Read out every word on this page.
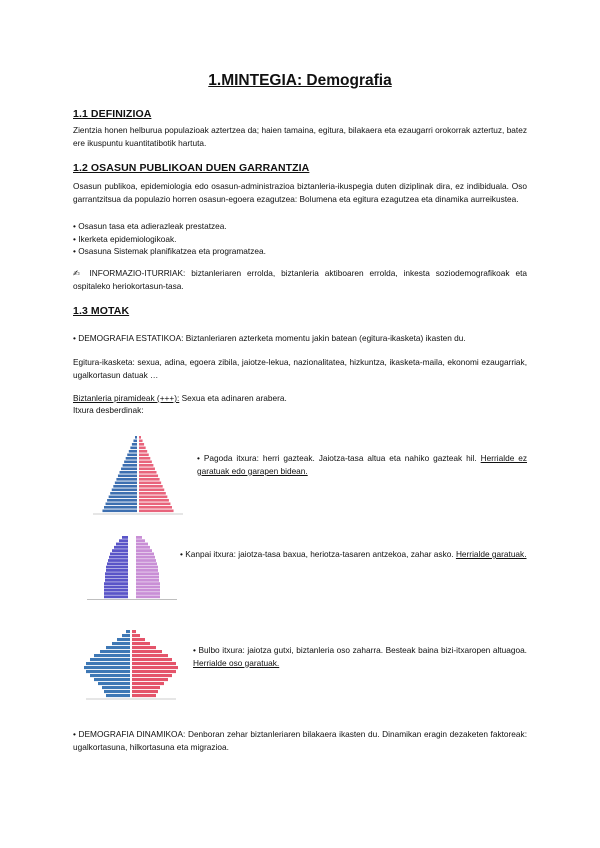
1.MINTEGIA: Demografia
1.1 DEFINIZIOA
Zientzia honen helburua populazioak aztertzea da; haien tamaina, egitura, bilakaera eta ezaugarri orokorrak aztertuz, batez ere ikuspuntu kuantitatibotik hartuta.
1.2 OSASUN PUBLIKOAN DUEN GARRANTZIA
Osasun publikoa, epidemiologia edo osasun-administrazioa biztanleria-ikuspegia duten diziplinak dira, ez indibiduala. Oso garrantzitsua da populazio horren osasun-egoera ezagutzea: Bolumena eta egitura ezagutzea eta dinamika aurreikustea.
• Osasun tasa eta adierazleak prestatzea.
• Ikerketa epidemiologikoak.
• Osasuna Sistemak planifikatzea eta programatzea.
✍ INFORMAZIO-ITURRIAK: biztanleriaren errolda, biztanleria aktiboaren errolda, inkesta soziodemografikoak eta ospitaleko heriokortasun-tasa.
1.3 MOTAK
• DEMOGRAFIA ESTATIKOA: Biztanleriaren azterketa momentu jakin batean (egitura-ikasketa) ikasten du.
Egitura-ikasketa: sexua, adina, egoera zibila, jaiotze-lekua, nazionalitatea, hizkuntza, ikasketa-maila, ekonomi ezaugarriak, ugalkortasun datuak …
Biztanleria piramideak (+++): Sexua eta adinaren arabera.
Itxura desberdinak:
• Pagoda itxura: herri gazteak. Jaiotza-tasa altua eta nahiko gazteak hil. Herrialde ez garatuak edo garapen bidean.
• Kanpai itxura: jaiotza-tasa baxua, heriotza-tasaren antzekoa, zahar asko. Herrialde garatuak.
• Bulbo itxura: jaiotza gutxi, biztanleria oso zaharra. Besteak baina bizi-itxaropen altuagoa. Herrialde oso garatuak.
• DEMOGRAFIA DINAMIKOA: Denboran zehar biztanleriaren bilakaera ikasten du. Dinamikan eragin dezaketen faktoreak: ugalkortasuna, hilkortasuna eta migrazioa.
